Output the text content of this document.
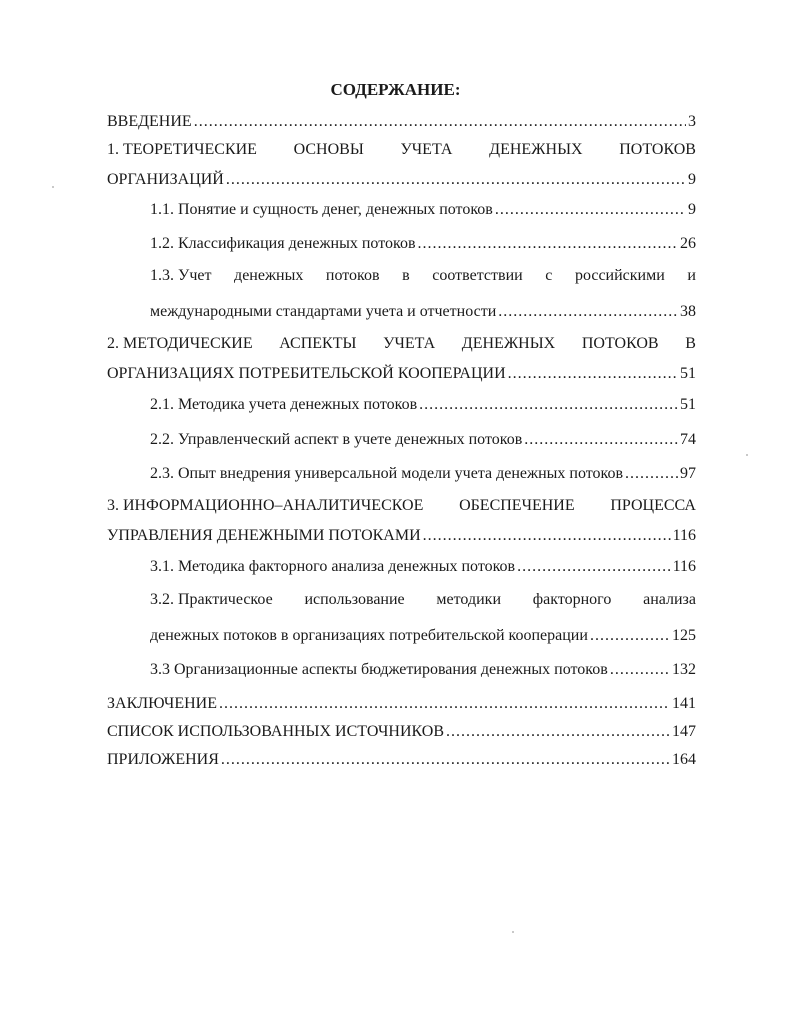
СОДЕРЖАНИЕ:
ВВЕДЕНИЕ .....	3
1. ТЕОРЕТИЧЕСКИЕ ОСНОВЫ УЧЕТА ДЕНЕЖНЫХ ПОТОКОВ
ОРГАНИЗАЦИЙ .....	9
1.1. Понятие и сущность денег, денежных потоков .....	9
1.2. Классификация денежных потоков .....	26
1.3. Учет денежных потоков в соответствии с российскими и
международными стандартами учета и отчетности .....	38
2. МЕТОДИЧЕСКИЕ АСПЕКТЫ УЧЕТА ДЕНЕЖНЫХ ПОТОКОВ В
ОРГАНИЗАЦИЯХ ПОТРЕБИТЕЛЬСКОЙ КООПЕРАЦИИ .....	51
2.1. Методика учета денежных потоков .....	51
2.2. Управленческий аспект в учете денежных потоков .....	74
2.3. Опыт внедрения универсальной модели учета денежных потоков .....	97
3. ИНФОРМАЦИОННО–АНАЛИТИЧЕСКОЕ ОБЕСПЕЧЕНИЕ ПРОЦЕССА
УПРАВЛЕНИЯ ДЕНЕЖНЫМИ ПОТОКАМИ .....	116
3.1. Методика факторного анализа денежных потоков .....	116
3.2. Практическое использование методики факторного анализа
денежных потоков в организациях потребительской кооперации .....	125
3.3 Организационные аспекты бюджетирования денежных потоков .....	132
ЗАКЛЮЧЕНИЕ .....	141
СПИСОК ИСПОЛЬЗОВАННЫХ ИСТОЧНИКОВ .....	147
ПРИЛОЖЕНИЯ .....	164
